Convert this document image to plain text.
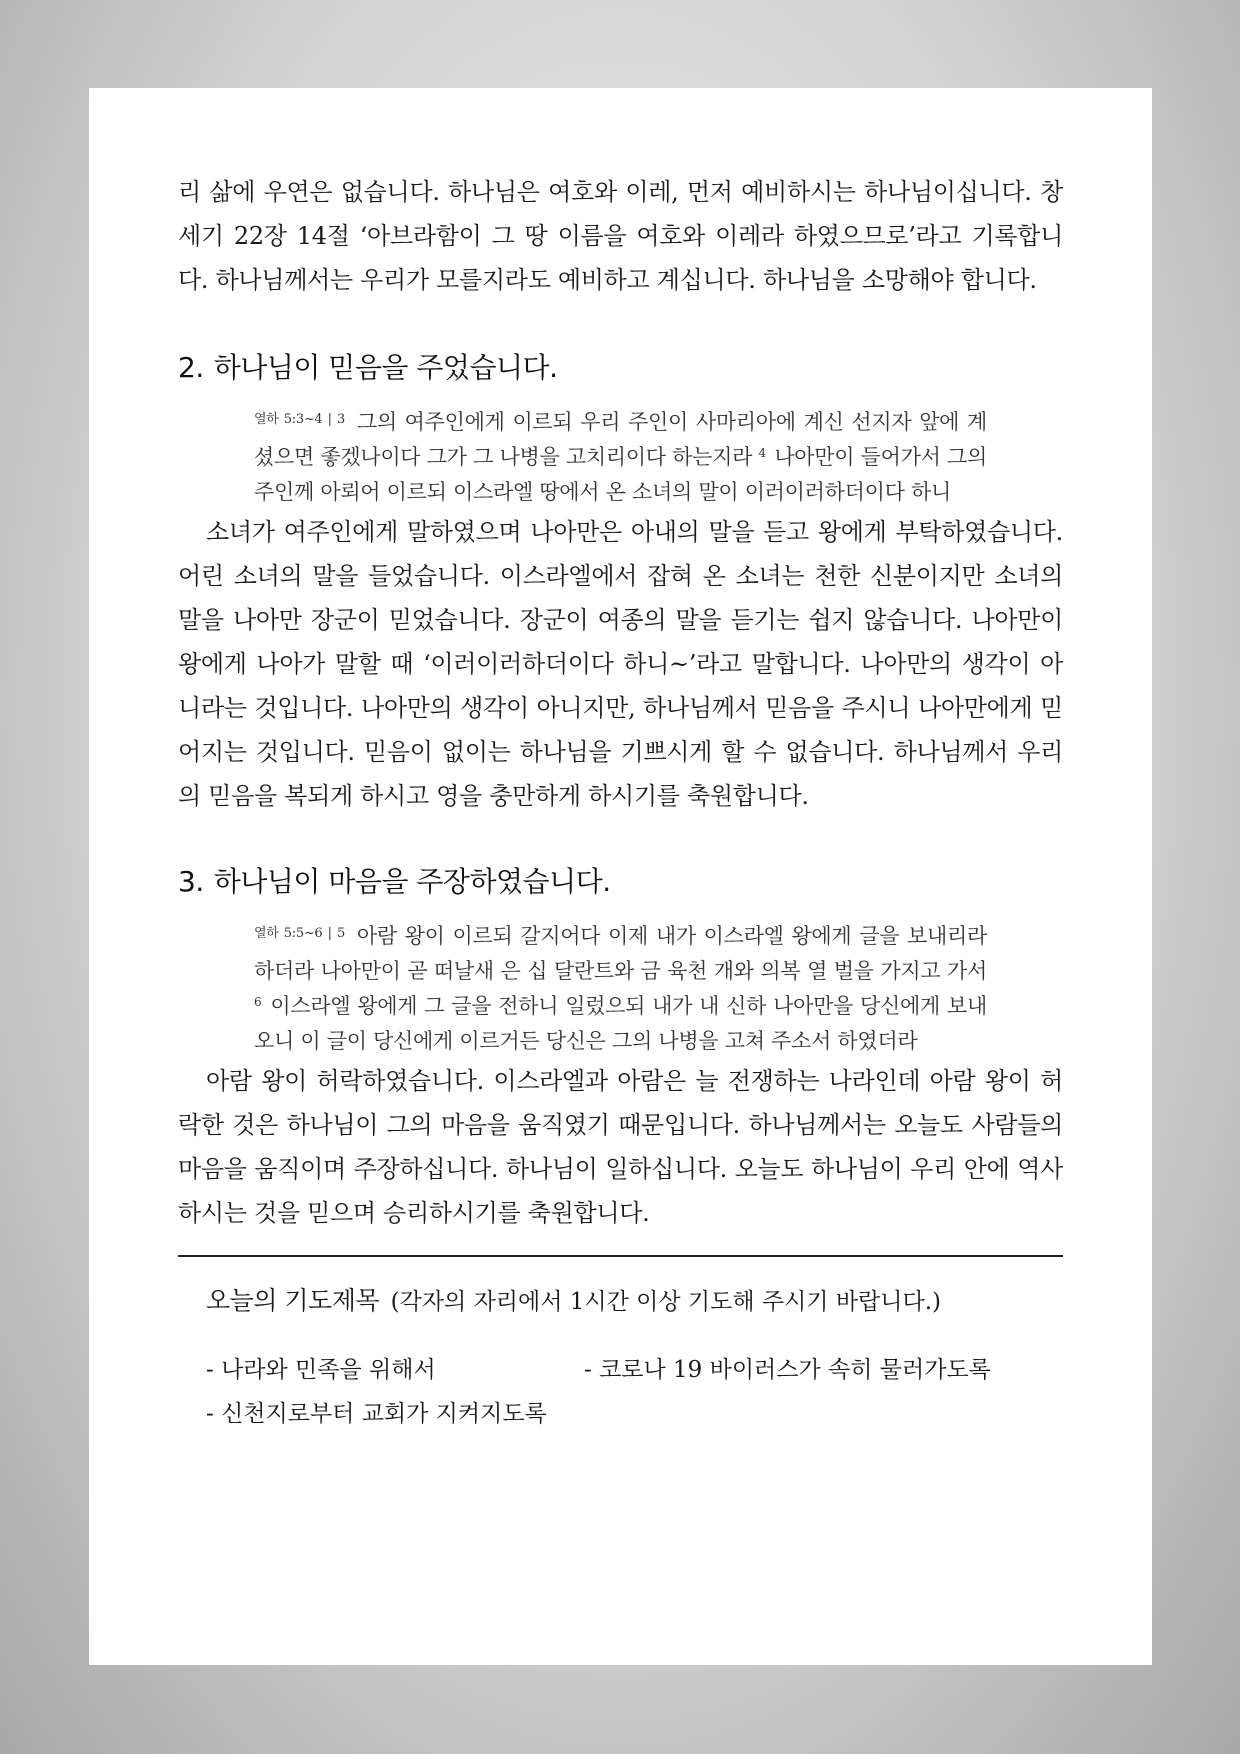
리 삶에 우연은 없습니다. 하나님은 여호와 이레, 먼저 예비하시는 하나님이십니다. 창세기 22장 14절 ‘아브라함이 그 땅 이름을 여호와 이레라 하였으므로’라고 기록합니다. 하나님께서는 우리가 모를지라도 예비하고 계십니다. 하나님을 소망해야 합니다.

2. 하나님이 믿음을 주었습니다.
$^{열하 5:3\sim 4 | 3}$ 그의 여주인에게 이르되 우리 주인이 사마리아에 계신 선지자 앞에 계셨으면 좋겠나이다 그가 그 나병을 고치리이다 하는지라 $^4$ 나아만이 들어가서 그의 주인께 아뢰어 이르되 이스라엘 땅에서 온 소녀의 말이 이러이러하더이다 하니

소녀가 여주인에게 말하였으며 나아만은 아내의 말을 듣고 왕에게 부탁하였습니다. 어린 소녀의 말을 들었습니다. 이스라엘에서 잡혀 온 소녀는 천한 신분이지만 소녀의 말을 나아만 장군이 믿었습니다. 장군이 여종의 말을 듣기는 쉽지 않습니다. 나아만이 왕에게 나아가 말할 때 ‘이러이러하더이다 하니~’라고 말합니다. 나아만의 생각이 아니라는 것입니다. 나아만의 생각이 아니지만, 하나님께서 믿음을 주시니 나아만에게 믿어지는 것입니다. 믿음이 없이는 하나님을 기쁘시게 할 수 없습니다. 하나님께서 우리의 믿음을 복되게 하시고 영을 충만하게 하시기를 축원합니다.

3. 하나님이 마음을 주장하였습니다.
$^{열하 5:5\sim 6 | 5}$ 아람 왕이 이르되 갈지어다 이제 내가 이스라엘 왕에게 글을 보내리라 하더라 나아만이 곧 떠날새 은 십 달란트와 금 육천 개와 의복 열 벌을 가지고 가서 $^6$ 이스라엘 왕에게 그 글을 전하니 일렀으되 내가 내 신하 나아만을 당신에게 보내오니 이 글이 당신에게 이르거든 당신은 그의 나병을 고쳐 주소서 하였더라

아람 왕이 허락하였습니다. 이스라엘과 아람은 늘 전쟁하는 나라인데 아람 왕이 허락한 것은 하나님이 그의 마음을 움직였기 때문입니다. 하나님께서는 오늘도 사람들의 마음을 움직이며 주장하십니다. 하나님이 일하십니다. 오늘도 하나님이 우리 안에 역사하시는 것을 믿으며 승리하시기를 축원합니다.

오늘의 기도제목 (각자의 자리에서 1시간 이상 기도해 주시기 바랍니다.)
- 나라와 민족을 위해서	- 코로나 19 바이러스가 속히 물러가도록
- 신천지로부터 교회가 지켜지도록
